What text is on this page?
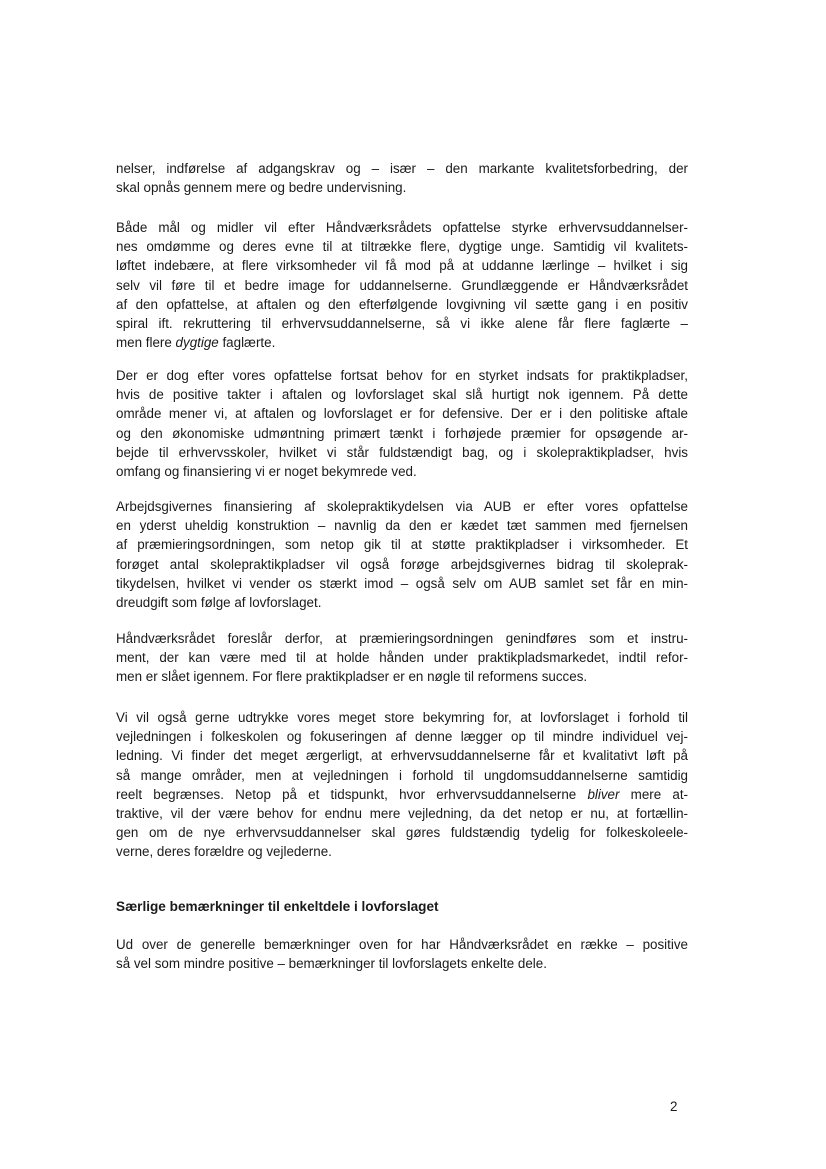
nelser, indførelse af adgangskrav og – især – den markante kvalitetsforbedring, der
skal opnås gennem mere og bedre undervisning.

Både mål og midler vil efter Håndværksrådets opfattelse styrke erhvervsuddannelser-
nes omdømme og deres evne til at tiltrække flere, dygtige unge. Samtidig vil kvalitets-
løftet indebære, at flere virksomheder vil få mod på at uddanne lærlinge – hvilket i sig
selv vil føre til et bedre image for uddannelserne. Grundlæggende er Håndværksrådet
af den opfattelse, at aftalen og den efterfølgende lovgivning vil sætte gang i en positiv
spiral ift. rekruttering til erhvervsuddannelserne, så vi ikke alene får flere faglærte –
men flere dygtige faglærte.

Der er dog efter vores opfattelse fortsat behov for en styrket indsats for praktikpladser,
hvis de positive takter i aftalen og lovforslaget skal slå hurtigt nok igennem. På dette
område mener vi, at aftalen og lovforslaget er for defensive. Der er i den politiske aftale
og den økonomiske udmøntning primært tænkt i forhøjede præmier for opsøgende ar-
bejde til erhvervsskoler, hvilket vi står fuldstændigt bag, og i skolepraktikpladser, hvis
omfang og finansiering vi er noget bekymrede ved.

Arbejdsgivernes finansiering af skolepraktikydelsen via AUB er efter vores opfattelse
en yderst uheldig konstruktion – navnlig da den er kædet tæt sammen med fjernelsen
af præmieringsordningen, som netop gik til at støtte praktikpladser i virksomheder. Et
forøget antal skolepraktikpladser vil også forøge arbejdsgivernes bidrag til skoleprak-
tikydelsen, hvilket vi vender os stærkt imod – også selv om AUB samlet set får en min-
dreudgift som følge af lovforslaget.

Håndværksrådet foreslår derfor, at præmieringsordningen genindføres som et instru-
ment, der kan være med til at holde hånden under praktikpladsmarkedet, indtil refor-
men er slået igennem. For flere praktikpladser er en nøgle til reformens succes.

Vi vil også gerne udtrykke vores meget store bekymring for, at lovforslaget i forhold til
vejledningen i folkeskolen og fokuseringen af denne lægger op til mindre individuel vej-
ledning. Vi finder det meget ærgerligt, at erhvervsuddannelserne får et kvalitativt løft på
så mange områder, men at vejledningen i forhold til ungdomsuddannelserne samtidig
reelt begrænses. Netop på et tidspunkt, hvor erhvervsuddannelserne bliver mere at-
traktive, vil der være behov for endnu mere vejledning, da det netop er nu, at fortællin-
gen om de nye erhvervsuddannelser skal gøres fuldstændig tydelig for folkeskoleele-
verne, deres forældre og vejlederne.

Særlige bemærkninger til enkeltdele i lovforslaget

Ud over de generelle bemærkninger oven for har Håndværksrådet en række – positive
så vel som mindre positive – bemærkninger til lovforslagets enkelte dele.

2
